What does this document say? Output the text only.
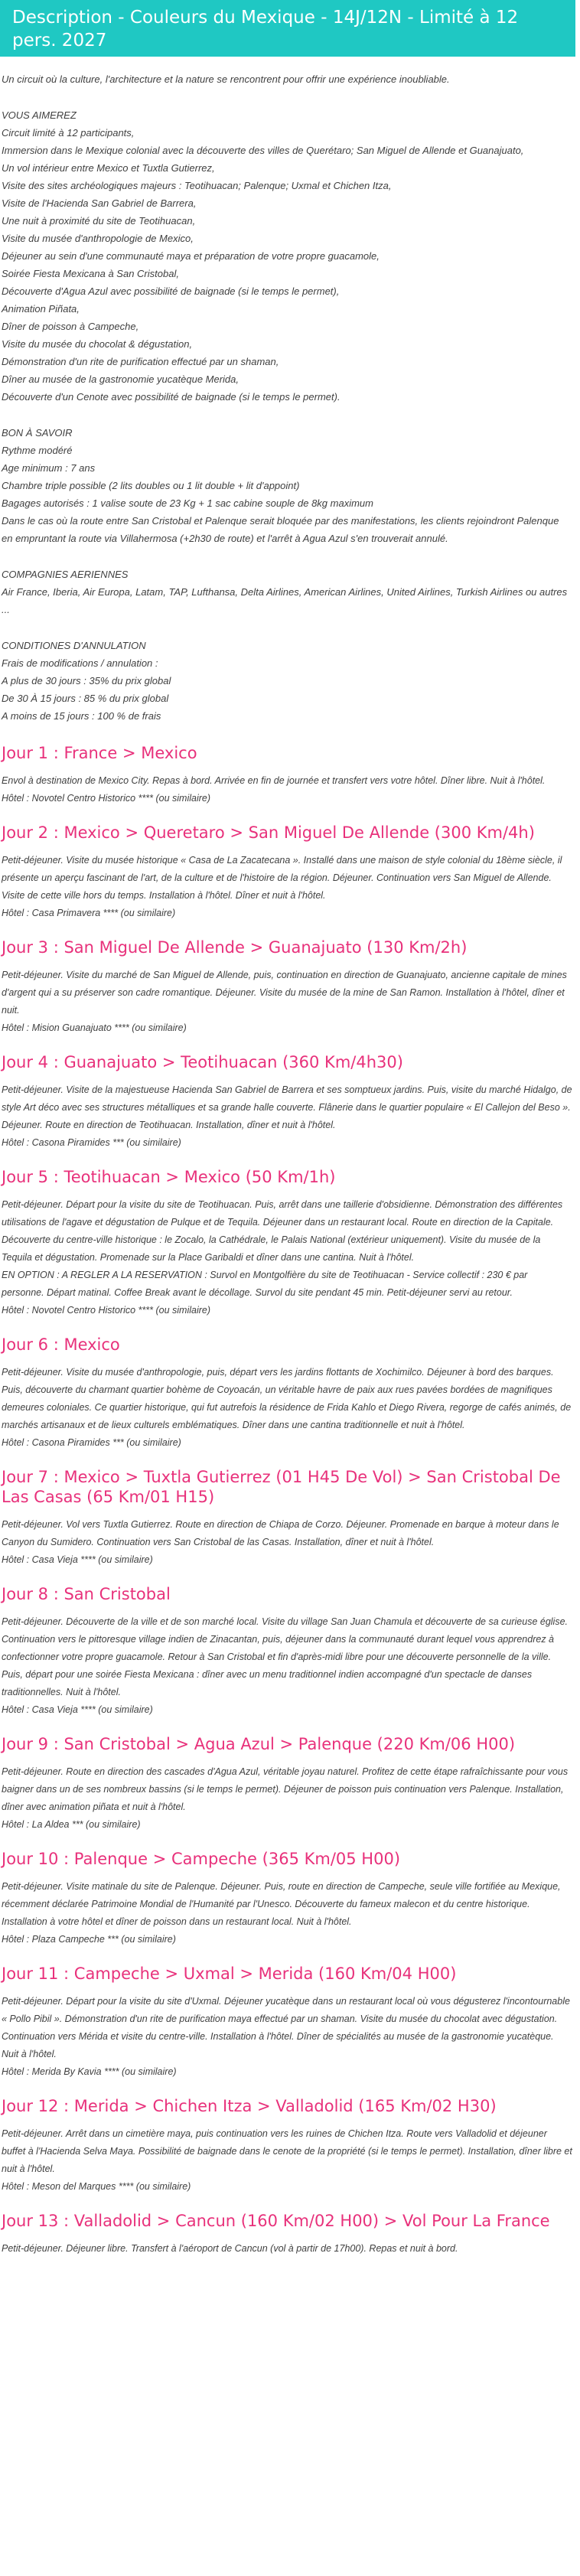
Description - Couleurs du Mexique - 14J/12N - Limité à 12 pers. 2027

Un circuit où la culture, l'architecture et la nature se rencontrent pour offrir une expérience inoubliable.

VOUS AIMEREZ

Circuit limité à 12 participants,

Immersion dans le Mexique colonial avec la découverte des villes de Querétaro; San Miguel de Allende et Guanajuato,

Un vol intérieur entre Mexico et Tuxtla Gutierrez,

Visite des sites archéologiques majeurs : Teotihuacan; Palenque; Uxmal et Chichen Itza,

Visite de l'Hacienda San Gabriel de Barrera,

Une nuit à proximité du site de Teotihuacan,

Visite du musée d'anthropologie de Mexico,

Déjeuner au sein d'une communauté maya et préparation de votre propre guacamole,

Soirée Fiesta Mexicana à San Cristobal,

Découverte d'Agua Azul avec possibilité de baignade (si le temps le permet),

Animation Piñata,

Dîner de poisson à Campeche,

Visite du musée du chocolat & dégustation,

Démonstration d'un rite de purification effectué par un shaman,

Dîner au musée de la gastronomie yucatèque Merida,

Découverte d'un Cenote avec possibilité de baignade (si le temps le permet).

BON À SAVOIR

Rythme modéré

Age minimum : 7 ans

Chambre triple possible (2 lits doubles ou 1 lit double + lit d'appoint)

Bagages autorisés : 1 valise soute de 23 Kg + 1 sac cabine souple de 8kg maximum

Dans le cas où la route entre San Cristobal et Palenque serait bloquée par des manifestations, les clients rejoindront Palenque en empruntant la route via Villahermosa (+2h30 de route) et l'arrêt à Agua Azul s'en trouverait annulé.

COMPAGNIES AERIENNES

Air France, Iberia, Air Europa, Latam, TAP, Lufthansa, Delta Airlines, American Airlines, United Airlines, Turkish Airlines ou autres ...

CONDITIONES D'ANNULATION

Frais de modifications / annulation :

A plus de 30 jours : 35% du prix global

De 30 À 15 jours : 85 % du prix global

A moins de 15 jours : 100 % de frais

Jour 1 : France > Mexico
Envol à destination de Mexico City. Repas à bord. Arrivée en fin de journée et transfert vers votre hôtel. Dîner libre. Nuit à l'hôtel.
Hôtel : Novotel Centro Historico **** (ou similaire)
Jour 2 : Mexico > Queretaro > San Miguel De Allende (300 Km/4h)
Petit-déjeuner. Visite du musée historique « Casa de La Zacatecana ». Installé dans une maison de style colonial du 18ème siècle, il présente un aperçu fascinant de l'art, de la culture et de l'histoire de la région. Déjeuner. Continuation vers San Miguel de Allende. Visite de cette ville hors du temps. Installation à l'hôtel. Dîner et nuit à l'hôtel.
Hôtel : Casa Primavera **** (ou similaire)
Jour 3 : San Miguel De Allende > Guanajuato (130 Km/2h)
Petit-déjeuner. Visite du marché de San Miguel de Allende, puis, continuation en direction de Guanajuato, ancienne capitale de mines d'argent qui a su préserver son cadre romantique. Déjeuner. Visite du musée de la mine de San Ramon. Installation à l'hôtel, dîner et nuit.
Hôtel : Mision Guanajuato **** (ou similaire)
Jour 4 : Guanajuato > Teotihuacan (360 Km/4h30)
Petit-déjeuner. Visite de la majestueuse Hacienda San Gabriel de Barrera et ses somptueux jardins. Puis, visite du marché Hidalgo, de style Art déco avec ses structures métalliques et sa grande halle couverte. Flânerie dans le quartier populaire « El Callejon del Beso ». Déjeuner. Route en direction de Teotihuacan. Installation, dîner et nuit à l'hôtel.
Hôtel : Casona Piramides *** (ou similaire)
Jour 5 : Teotihuacan > Mexico (50 Km/1h)
Petit-déjeuner. Départ pour la visite du site de Teotihuacan. Puis, arrêt dans une taillerie d'obsidienne. Démonstration des différentes utilisations de l'agave et dégustation de Pulque et de Tequila. Déjeuner dans un restaurant local. Route en direction de la Capitale. Découverte du centre-ville historique : le Zocalo, la Cathédrale, le Palais National (extérieur uniquement). Visite du musée de la Tequila et dégustation. Promenade sur la Place Garibaldi et dîner dans une cantina. Nuit à l'hôtel.
EN OPTION : A REGLER A LA RESERVATION : Survol en Montgolfière du site de Teotihuacan - Service collectif : 230 € par personne. Départ matinal. Coffee Break avant le décollage. Survol du site pendant 45 min. Petit-déjeuner servi au retour.
Hôtel : Novotel Centro Historico **** (ou similaire)
Jour 6 : Mexico
Petit-déjeuner. Visite du musée d'anthropologie, puis, départ vers les jardins flottants de Xochimilco. Déjeuner à bord des barques. Puis, découverte du charmant quartier bohème de Coyoacán, un véritable havre de paix aux rues pavées bordées de magnifiques demeures coloniales. Ce quartier historique, qui fut autrefois la résidence de Frida Kahlo et Diego Rivera, regorge de cafés animés, de marchés artisanaux et de lieux culturels emblématiques. Dîner dans une cantina traditionnelle et nuit à l'hôtel.
Hôtel : Casona Piramides *** (ou similaire)
Jour 7 : Mexico > Tuxtla Gutierrez (01 H45 De Vol) > San Cristobal De Las Casas (65 Km/01 H15)
Petit-déjeuner. Vol vers Tuxtla Gutierrez. Route en direction de Chiapa de Corzo. Déjeuner. Promenade en barque à moteur dans le Canyon du Sumidero. Continuation vers San Cristobal de las Casas. Installation, dîner et nuit à l'hôtel.
Hôtel : Casa Vieja **** (ou similaire)
Jour 8 : San Cristobal
Petit-déjeuner. Découverte de la ville et de son marché local. Visite du village San Juan Chamula et découverte de sa curieuse église. Continuation vers le pittoresque village indien de Zinacantan, puis, déjeuner dans la communauté durant lequel vous apprendrez à confectionner votre propre guacamole. Retour à San Cristobal et fin d'après-midi libre pour une découverte personnelle de la ville. Puis, départ pour une soirée Fiesta Mexicana : dîner avec un menu traditionnel indien accompagné d'un spectacle de danses traditionnelles. Nuit à l'hôtel.
Hôtel : Casa Vieja **** (ou similaire)
Jour 9 : San Cristobal > Agua Azul > Palenque (220 Km/06 H00)
Petit-déjeuner. Route en direction des cascades d'Agua Azul, véritable joyau naturel. Profitez de cette étape rafraîchissante pour vous baigner dans un de ses nombreux bassins (si le temps le permet). Déjeuner de poisson puis continuation vers Palenque. Installation, dîner avec animation piñata et nuit à l'hôtel.
Hôtel : La Aldea *** (ou similaire)
Jour 10 : Palenque > Campeche (365 Km/05 H00)
Petit-déjeuner. Visite matinale du site de Palenque. Déjeuner. Puis, route en direction de Campeche, seule ville fortifiée au Mexique, récemment déclarée Patrimoine Mondial de l'Humanité par l'Unesco. Découverte du fameux malecon et du centre historique. Installation à votre hôtel et dîner de poisson dans un restaurant local. Nuit à l'hôtel.
Hôtel : Plaza Campeche *** (ou similaire)
Jour 11 : Campeche > Uxmal > Merida (160 Km/04 H00)
Petit-déjeuner. Départ pour la visite du site d'Uxmal. Déjeuner yucatèque dans un restaurant local où vous dégusterez l'incontournable « Pollo Pibil ». Démonstration d'un rite de purification maya effectué par un shaman. Visite du musée du chocolat avec dégustation. Continuation vers Mérida et visite du centre-ville. Installation à l'hôtel. Dîner de spécialités au musée de la gastronomie yucatèque. Nuit à l'hôtel.
Hôtel : Merida By Kavia **** (ou similaire)
Jour 12 : Merida > Chichen Itza > Valladolid (165 Km/02 H30)
Petit-déjeuner. Arrêt dans un cimetière maya, puis continuation vers les ruines de Chichen Itza. Route vers Valladolid et déjeuner buffet à l'Hacienda Selva Maya. Possibilité de baignade dans le cenote de la propriété (si le temps le permet). Installation, dîner libre et nuit à l'hôtel.
Hôtel : Meson del Marques **** (ou similaire)
Jour 13 : Valladolid > Cancun (160 Km/02 H00) > Vol Pour La France
Petit-déjeuner. Déjeuner libre. Transfert à l'aéroport de Cancun (vol à partir de 17h00). Repas et nuit à bord.
